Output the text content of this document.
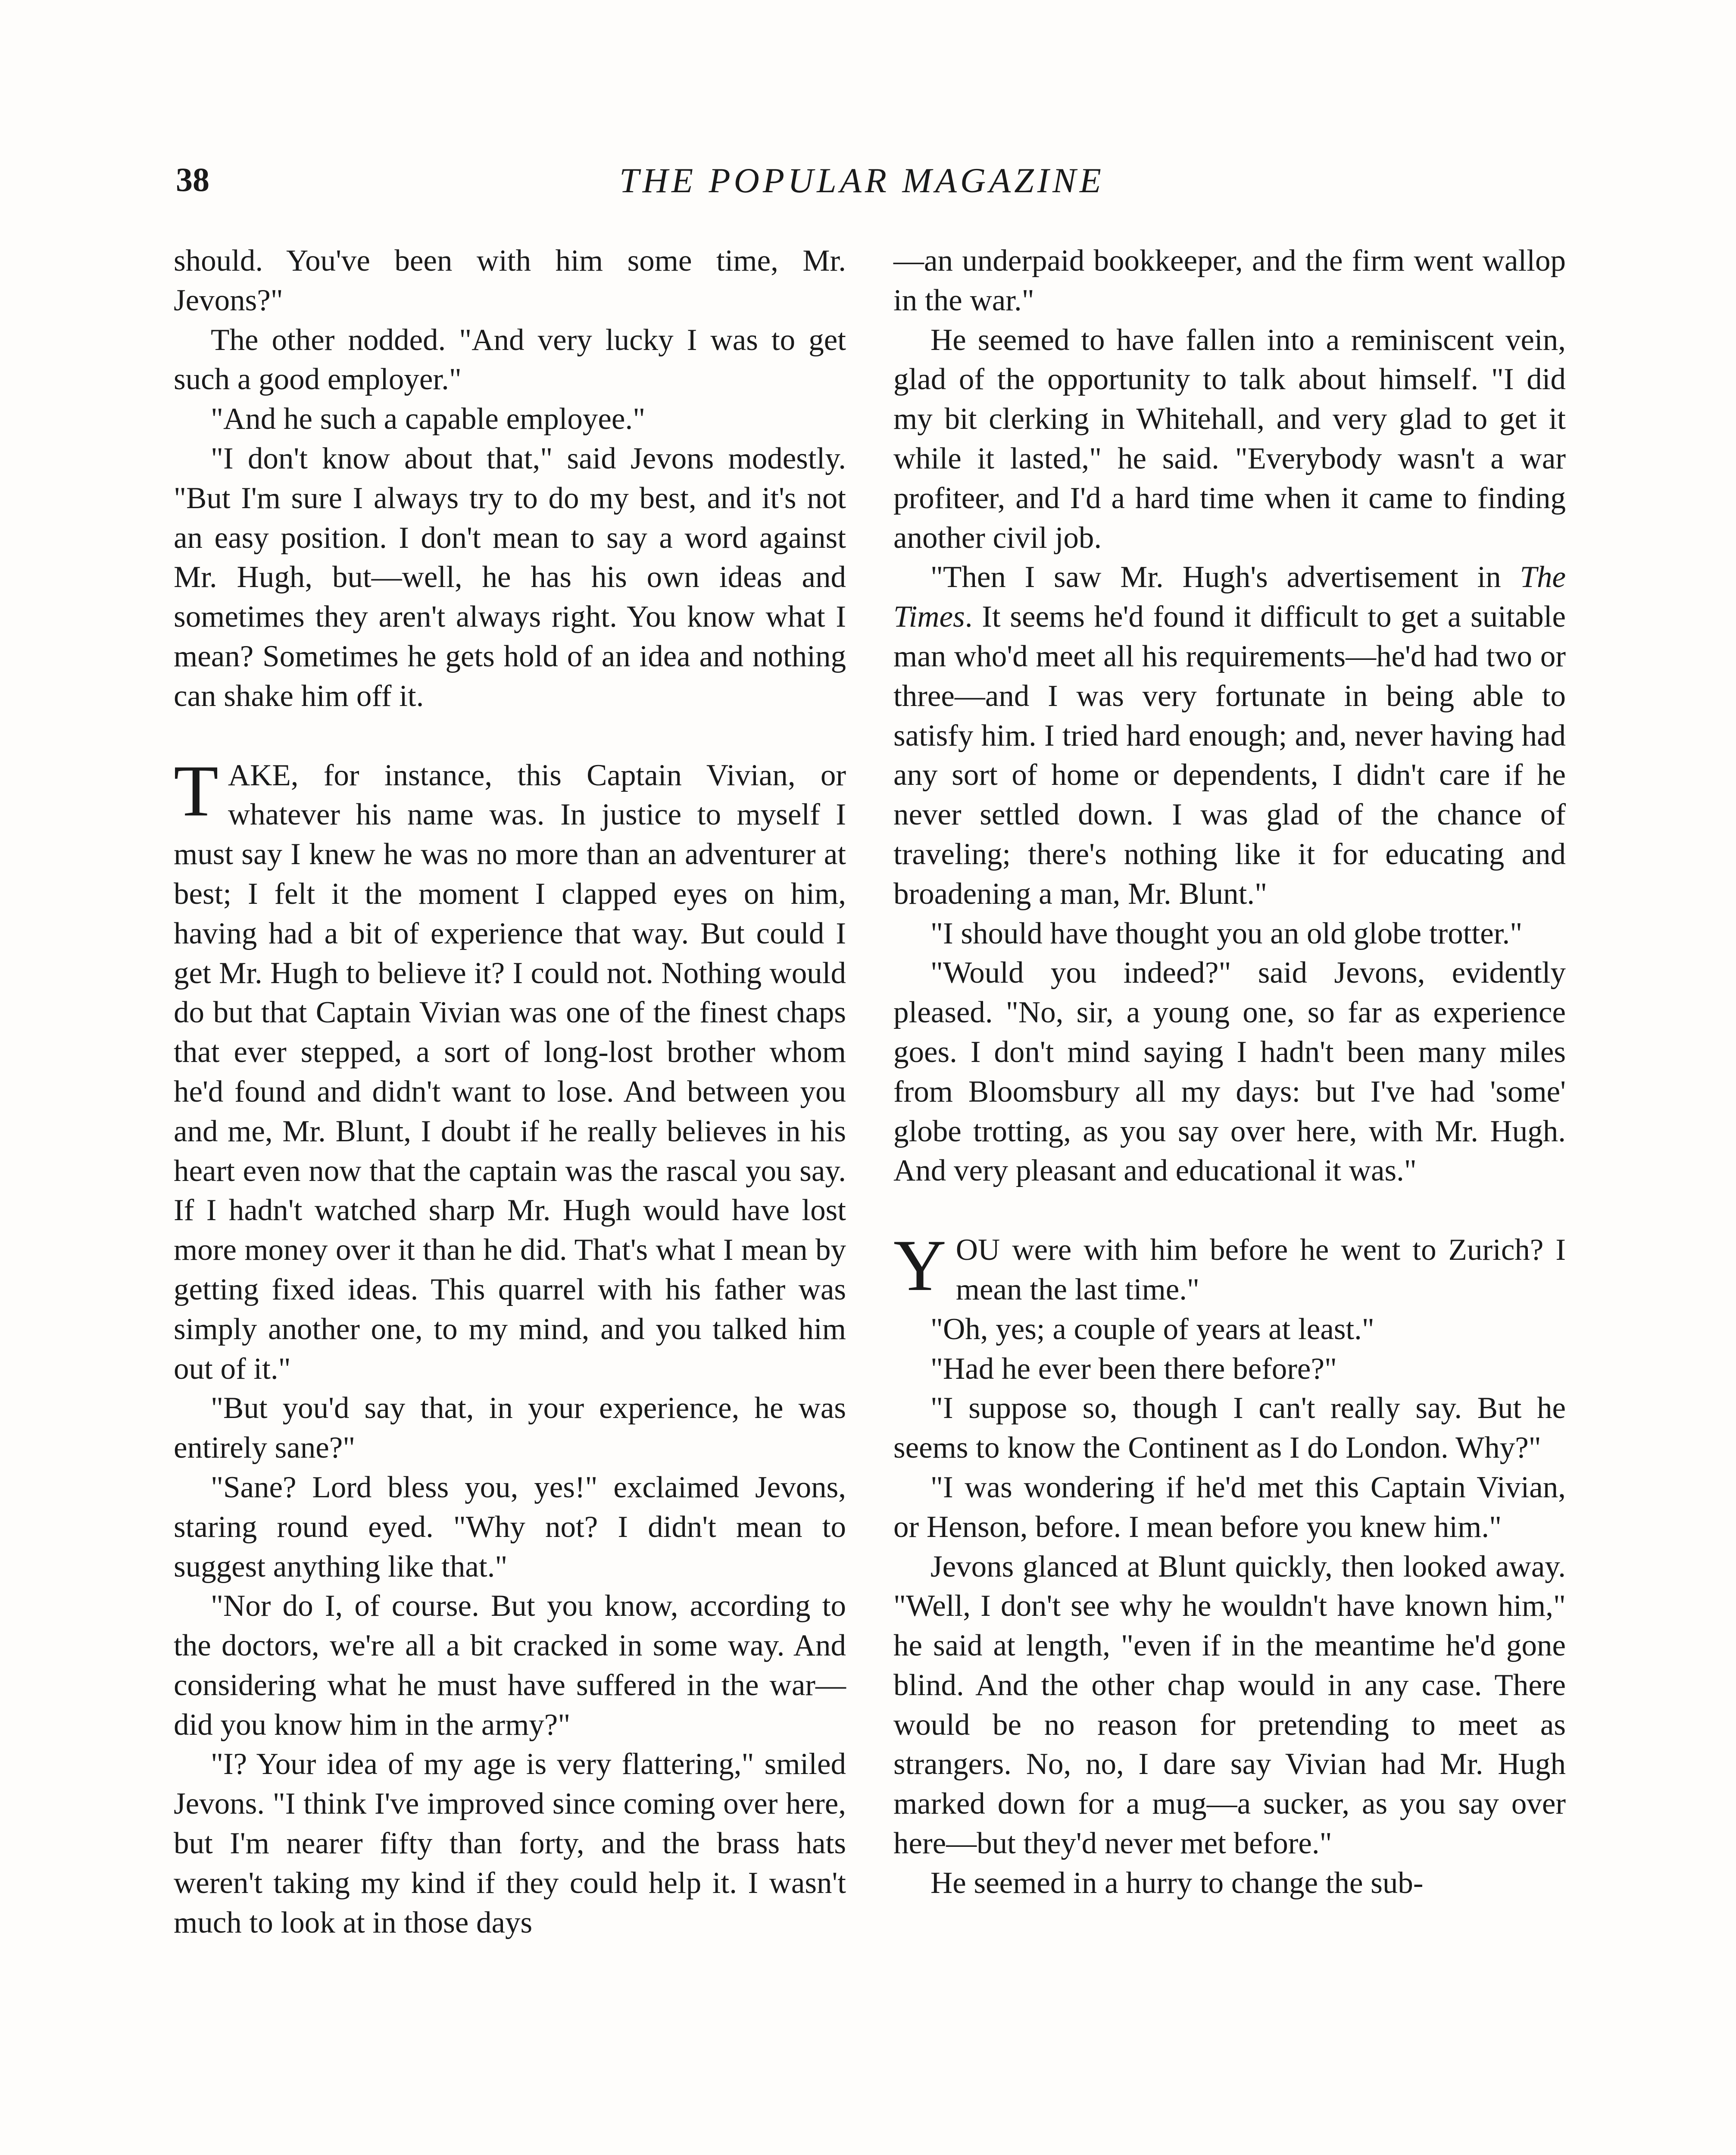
38	THE POPULAR MAGAZINE

should. You've been with him some time, Mr. Jevons?"

The other nodded. "And very lucky I was to get such a good employer."

"And he such a capable employee."

"I don't know about that," said Jevons modestly. "But I'm sure I always try to do my best, and it's not an easy position. I don't mean to say a word against Mr. Hugh, but—well, he has his own ideas and sometimes they aren't always right. You know what I mean? Sometimes he gets hold of an idea and nothing can shake him off it.

TAKE, for instance, this Captain Vivian, or whatever his name was. In justice to myself I must say I knew he was no more than an adventurer at best; I felt it the moment I clapped eyes on him, having had a bit of experience that way. But could I get Mr. Hugh to believe it? I could not. Nothing would do but that Captain Vivian was one of the finest chaps that ever stepped, a sort of long-lost brother whom he'd found and didn't want to lose. And between you and me, Mr. Blunt, I doubt if he really believes in his heart even now that the captain was the rascal you say. If I hadn't watched sharp Mr. Hugh would have lost more money over it than he did. That's what I mean by getting fixed ideas. This quarrel with his father was simply another one, to my mind, and you talked him out of it."

"But you'd say that, in your experience, he was entirely sane?"

"Sane? Lord bless you, yes!" exclaimed Jevons, staring round eyed. "Why not? I didn't mean to suggest anything like that."

"Nor do I, of course. But you know, according to the doctors, we're all a bit cracked in some way. And considering what he must have suffered in the war—did you know him in the army?"

"I? Your idea of my age is very flattering," smiled Jevons. "I think I've improved since coming over here, but I'm nearer fifty than forty, and the brass hats weren't taking my kind if they could help it. I wasn't much to look at in those days

—an underpaid bookkeeper, and the firm went wallop in the war."

He seemed to have fallen into a reminiscent vein, glad of the opportunity to talk about himself. "I did my bit clerking in Whitehall, and very glad to get it while it lasted," he said. "Everybody wasn't a war profiteer, and I'd a hard time when it came to finding another civil job.

"Then I saw Mr. Hugh's advertisement in The Times. It seems he'd found it difficult to get a suitable man who'd meet all his requirements—he'd had two or three—and I was very fortunate in being able to satisfy him. I tried hard enough; and, never having had any sort of home or dependents, I didn't care if he never settled down. I was glad of the chance of traveling; there's nothing like it for educating and broadening a man, Mr. Blunt."

"I should have thought you an old globe trotter."

"Would you indeed?" said Jevons, evidently pleased. "No, sir, a young one, so far as experience goes. I don't mind saying I hadn't been many miles from Bloomsbury all my days: but I've had 'some' globe trotting, as you say over here, with Mr. Hugh. And very pleasant and educational it was."

YOU were with him before he went to Zurich? I mean the last time."

"Oh, yes; a couple of years at least."

"Had he ever been there before?"

"I suppose so, though I can't really say. But he seems to know the Continent as I do London. Why?"

"I was wondering if he'd met this Captain Vivian, or Henson, before. I mean before you knew him."

Jevons glanced at Blunt quickly, then looked away. "Well, I don't see why he wouldn't have known him," he said at length, "even if in the meantime he'd gone blind. And the other chap would in any case. There would be no reason for pretending to meet as strangers. No, no, I dare say Vivian had Mr. Hugh marked down for a mug—a sucker, as you say over here—but they'd never met before."

He seemed in a hurry to change the sub-
